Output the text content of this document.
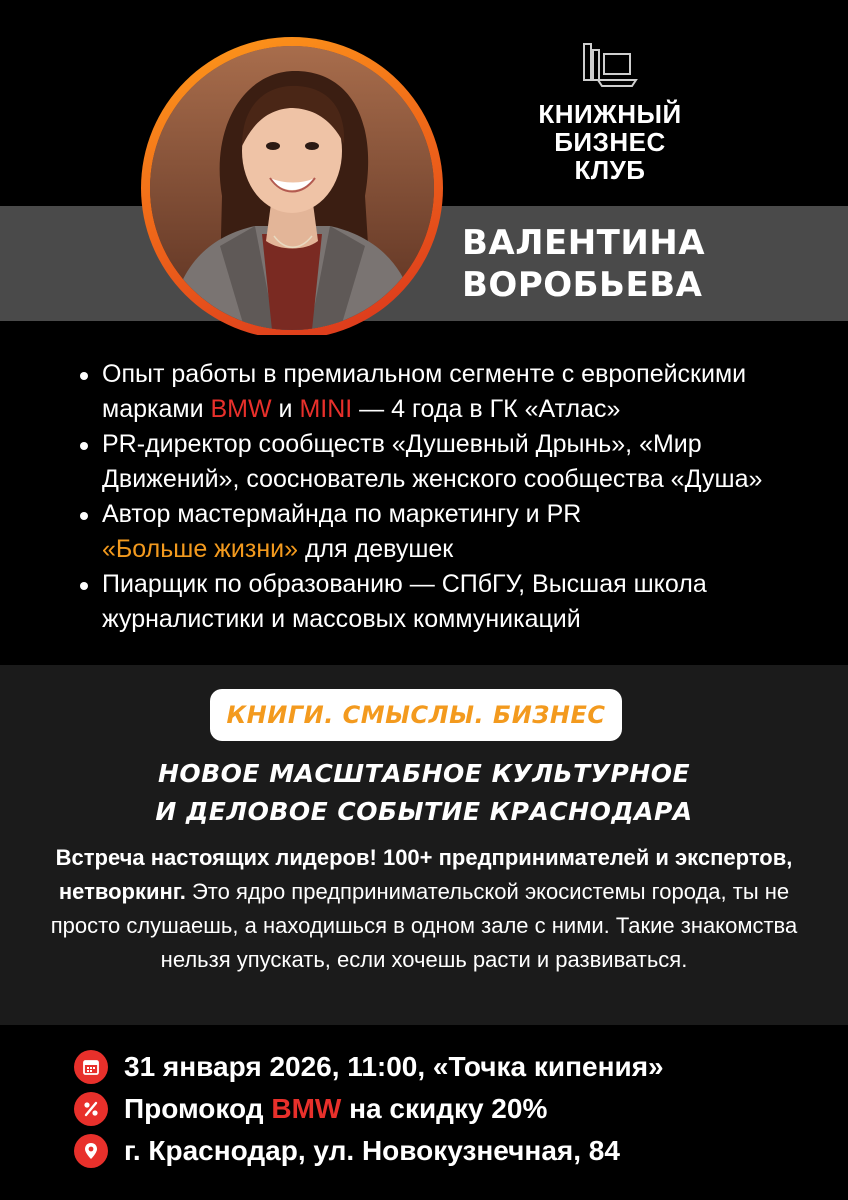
КНИЖНЫЙ
БИЗНЕС
КЛУБ
ВАЛЕНТИНА
ВОРОБЬЕВА
Опыт работы в премиальном сегменте с европейскими марками BMW и MINI — 4 года в ГК «Атлас»
PR-директор сообществ «Душевный Дрынь», «Мир Движений», сооснователь женского сообщества «Душа»
Автор мастермайнда по маркетингу и PR
«Больше жизни» для девушек
Пиарщик по образованию — СПбГУ, Высшая школа журналистики и массовых коммуникаций
КНИГИ. СМЫСЛЫ. БИЗНЕС
НОВОЕ МАСШТАБНОЕ КУЛЬТУРНОЕ
И ДЕЛОВОЕ СОБЫТИЕ КРАСНОДАРА

Встреча настоящих лидеров! 100+ предпринимателей и экспертов, нетворкинг. Это ядро предпринимательской экосистемы города, ты не просто слушаешь, а находишься в одном зале с ними. Такие знакомства нельзя упускать, если хочешь расти и развиваться.

31 января 2026, 11:00, «Точка кипения»
Промокод BMW на скидку 20%
г. Краснодар, ул. Новокузнечная, 84
